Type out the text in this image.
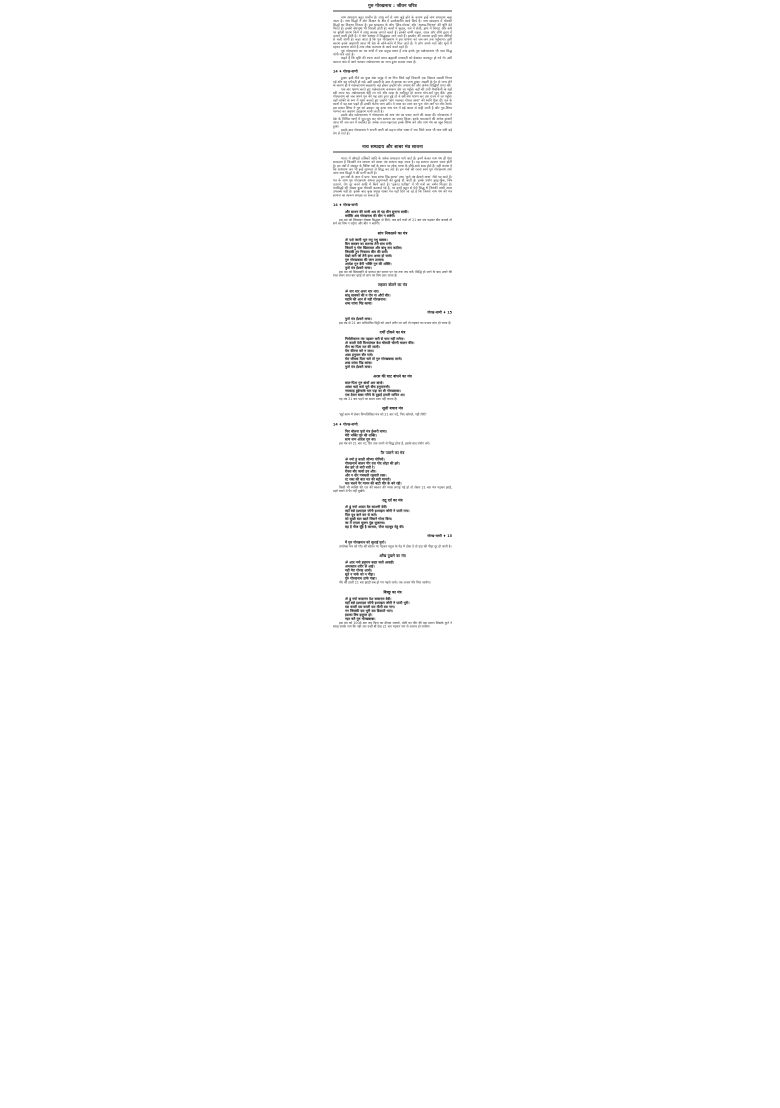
गुरु गोरखनाथ : जीवन चरित्र
नाथ सम्प्रदाय बहुत प्राचीन है। साधु वर्ग से नाथ जुड़े होने के कारण इन्हें नाथ सम्प्रदाय कहा जाता है। नाथ सिद्धों ने योग विज्ञान के क्षेत्र में उल्लेखनीय कार्य किये हैं। नाथ सम्प्रदाय में चौरासी सिद्धों का विवरण मिलता है। इस सम्प्रदाय के लोग 'शिव-गोरख' और 'अलख-निरंजन' की धुनि देते फिरते हैं। इनकी वेशभूषा भी निराली होती है। कानों में कुंडल, गले में सेली, हाथ में चिमटा और कंधे पर झोली धारण किये ये साधु अलख जगाते चलते हैं। इनकी वाणी सहज, सरल और सीधे हृदय में उतरने वाली होती है। ये योग साधना में सिद्धहस्त माने जाते हैं। हठयोग की परम्परा इन्हीं नाथ योगियों से चली आयी है। कहा जाता है कि गुरु गोरखनाथ ने इस साधना को जन-जन तक पहुँचाया। इसी कारण इनके अनुयायी आज भी देश के कोने-कोने में मिल जाते हैं। ये लोग अपने मठों और धूनों में रहकर साधना करते हैं तथा लोक कल्याण के कार्य करते रहते हैं।
गुरु गोरखनाथ का नव नाथों में एक प्रमुख स्थान है तथा इनके गुरु मछेन्दरनाथ भी परम सिद्ध योगी माने जाते हैं।
कहते हैं कि सृष्टि की रचना करते समय ब्रह्माजी सरस्वती को देखकर कामातुर हो गये थे। उसी कामज अंश से आगे चलकर मछेन्दरनाथ का जन्म हुआ बताया जाता है।
14 ♦ गोरख-वाणी
हुआ। इसी वीर्य का कुछ अंश समुद्र में जा गिरा जिसे वहाँ विचरती एक विशाल मछली निगल गई और वह गर्भवती हो गई। उसी मछली के उदर से बालक का जन्म हुआ। मछली के पेट से जन्म लेने के कारण ही ये मछेन्दरनाथ कहलाये। बड़े होकर इन्होंने घोर तपस्या की और अनेक सिद्धियाँ प्राप्त कीं।
एक बार भ्रमण करते हुए मछेन्दरनाथ कामरूप देश जा पहुँचे। वहाँ की रानी मैनाकिनी के यहाँ स्त्री राज्य था। मछेन्दरनाथ वहीं रम गये और माया के वशीभूत हो अपना योग-धर्म भूल बैठे। उधर गोरखनाथ को जब अपने गुरु की यह दशा ज्ञात हुई तो वे स्त्री वेश धारण कर उस राज्य में जा पहुँचे। वहाँ नर्तकी के रूप में मृदंग बजाते हुए उन्होंने 'जाग मछन्दर गोरख आया' की ध्वनि गुँजा दी। गुरु के कानों में यह स्वर पड़ते ही उनकी चेतना जाग उठी। वे माया का त्याग कर पुनः योग मार्ग पर लौट आये। इस प्रकार शिष्य ने गुरु को उबारा। यह कथा नाथ पंथ में बड़े आदर से कही जाती है और गुरु-शिष्य परम्परा का अनुपम उदाहरण मानी जाती है।
इसके बाद मछेन्दरनाथ ने गोरखनाथ को नाथ पंथ का प्रचार करने की आज्ञा दी। गोरखनाथ ने देश के विभिन्न भागों में घूम-घूम कर योग साधना का प्रचार किया। इनके चमत्कारों की अनेक कथाएँ आज भी जन-जन में प्रचलित हैं। अनेक राजा-महाराजा इनके शिष्य बने और नाथ पंथ का खूब विस्तार हुआ।
इसके बाद गोरखनाथ ने अपनी वाणी को सहज लोक भाषा में रचा जिसे आज भी नाथ पंथी बड़े प्रेम से गाते हैं।
नाथ सम्प्रदाय और शाबर मंत्र साधना
भारत में औघड़ों तांत्रिकों आदि के अनेक सम्प्रदाय पाये जाते हैं। इनमें केवल नाथ पंथ ही ऐसा सम्प्रदाय है जिसकी मंत्र साधना को शाबर मंत्र साधना कहा जाता है। यह साधना अत्यन्त सरल होती है। इन मंत्रों में संस्कृत के क्लिष्ट पदों के स्थान पर लोक भाषा के सीधे-सादे शब्द होते हैं। यही कारण है कि साधारण जन भी इन्हें सुगमता से सिद्ध कर लेते हैं। इन मंत्रों की रचना स्वयं गुरु गोरखनाथ तथा अन्य नाथ सिद्धों ने की मानी जाती है।
इन मंत्रों के अन्त में प्रायः 'शब्द सांचा पिंड काचा' तथा 'फुरो मंत्र ईश्वरो वाचा' जैसे पद आते हैं। मंत्र के साथ गुरु गोरखनाथ अथवा हनुमानजी की दुहाई दी जाती है। इनके प्रयोग झाड़-फूँक, विष उतारने, रोग दूर करने आदि में किये जाते हैं। 'इज़रत प्रतीक्षा' में भी मंत्रों का वर्णन मिलता है। मंत्रसिद्धों की संख्या कुछ चौरासी बतलाई गई है, पर इनमें बहुत से ऐसे सिद्ध थे जिनकी वाणी आज उपलब्ध नहीं है। इसके बाद कुछ प्रमुख शाबर मंत्र यहाँ दिये जा रहे हैं कि जिनसे नाथ पंथ की मंत्र साधना का स्वरूप समझा जा सकता है।
14 ♦ गोरख-वाणी
और साधन की वाणी अब तो यह बीन सुनाना बाकी।
क्योंकि अब गोरखनाथ की बीन न बजेगी।
इस मंत्र को लिखकर लेखक सिद्धांत से मिले, जब सर्प काटे तो 21 बार मंत्र पढ़कर बीन बजावे तो सर्प का विष न चढ़ेगा और बीन न बजेगी।
सांप निकालने का मंत्र
ॐ पक्षे जाली भूल मधु मधु खबक।
बिन कब्जन का सतरक तेरी बांध रानी।
जिसमें नु गोरु खिलावल और बांधू रूप कठीरा।
जिसकी टुम निकाला कीर की समी।
देखो करी जो तेरी हाथ अध्वा हो जावे।
गुरु गोरखबाबा की जान उतारव।
अरदेश गुरु बेगी भक्ति गुरु की शक्ति।
फुरो मंत्र ईश्वरो वाचा।
इस मंत्र को सिखावनि से प्रारम्भ कर साधन पर नव तक जप करें। सिद्धि हो जाने के बाद उतारे की राख लेकर सात बार झाड़ें तो सांप का विष उतर जाता है।
लहकर बोलने का मंत्र
ॐ थार थार अथर थार थार।
बांधू सावकों की न रोय ना औरों चीर।
महावे की आन से नहीं गोरखनाथ।
शब्द सांचा पिंड काचा।
गोरख-वाणी ♦ 15
फुरो मंत्र ईश्वरो वाचा।
इस मंत्र से 21 बार अभिमंत्रित मिट्टी को अपने शरीर पर मलें तो लहकर का प्रभाव शांत हो जाता है।
दर्भी टोंकने का मंत्र
निर्मलीकरण मंत्र पढ़कर करी से चाम नहीं लगेगा।
ॐ काली देवी विन्ध्यांचल बेश चौरासी चोरनी चालन कीर।
तीन का पिता मत की लाली।
मेरा कीरज करे न साथ।
असा हनुमान बीर गावे।
मेरा जीवक पिता चले तो गुरु गोरखबाबा लाजे।
शब्द सांचा पिंड कांचा।
फुरो मंत्र ईश्वरो वाचा।
अरस की घाट बांधने का मंत्र
बाल-पिता गुरु बांधों आर बांधो।
आंका चाहे करो चूमे बीच हनुमानजी।
नवासाह हुईग्वाके चार पड़ा का बी गोरखबाबा।
एक देवल बाबा गरिये के दुहाई हमारी माफिर आ।
यह मंत्र 21 बार पढ़ने पर समय माल नहीं करता है।
सूली बचाव मंत्र
'सूई काम में लेकर निम्नलिखित मंत्र को 21 बार पढ़ें, फिर कोयले, नहीं लेंगी।'
14 ♦ गोरख-वाणी
फिर बोलना फुरो मंत्र ईश्वरी वाचा।
मेरी भक्ति गुरु की शक्ति।
सत्य नाम आदेश गुरु का।
इस मंत्र को 21 बार 41 दिन तक जपने से सिद्ध होता है, इसके बाद प्रयोग करें।
पैर पालने का मंत्र
ॐ नमो हूं काली जीभ्या योगिनी।
गोरखनाथ बालन पीर दस गोद लोढ़ा की झरे।
बेश झरे तो वारी वारी रे।
रीवस बीर जावो द्रव और।
और न धीर गचकती रक्षवती रक्त।
रट रक्त की बात मत की बड़ी मानती।
चल चलने पैर मानन की बाटी चीर के बने रही।
किसी भी व्यक्ति की रात की स्वशन की ग्यास लगाई गई हो तो लेकर 21 बार मंत्र पढ़कर झाड़ें, ठहरे रखने में पैर नहीं दुखेंगे।
दद्रू दर्द का मंत्र
ॐ ह्रूं नमो आदम देव काशनी देवी।
वहाँ बसे इश्माइल जोगी इश्माइल जोगी ने पाली गाय।
पिल दूध बाने कर से जले।
को सुखी बात खाते जिसने गोला किय।
जा में एमला सूजन पूंछ सूजलच।
बड़ है पीज सुँहे है काजल, पीज महजूद मेहूं की।
गोरख-वाणी ♦ 15
मैं गुरु गोरखनाथ को सुलाई फुरो।
उपरोक्त मंत्र को गाँठ की बोतल पर पढ़कर महूल के पेड़ में ठोक दें तो दाढ़ की पीड़ा दूर हो जाती है।
आँख दुखने का मंत्र
ॐ आद नमो हनुमान कहर चली आवही।
अन्तकाल शरीर से आई।
नहीं मेरा गोरख आवो।
सूते न पाके को न पीड़ा।
गुरु गोरखनाथ ठाके पाहा।
पीर की डाली 21 बार झाड़ी सब हो गय पहले जावे। तब आश्रर पीर मिल जावेगा।
बिच्छू का मंत्र
ॐ ह्रूं नमो कासनम देश कासनल देवी।
वहाँ बसे इश्माइल जोगी इश्माइल जोगी ने पाली भुरी।
दस काली दस काली दस तीली दस नाग।
नग जिसकी दस भुरी दस डिकाले भाग।
इसका विष इसूरल हो।
नहर करै गुरु गोरखबाबा।
इस मंत्र को 1008 बार जप बिना का दीपक जलावे, मोटी का पीग की दस प्रधान जिसके कुने ने बारह उसके नाम कि नहीं अंत उन्हीं बीं देख 21 बार पढ़कर जप से आलच हो जावेगा।
